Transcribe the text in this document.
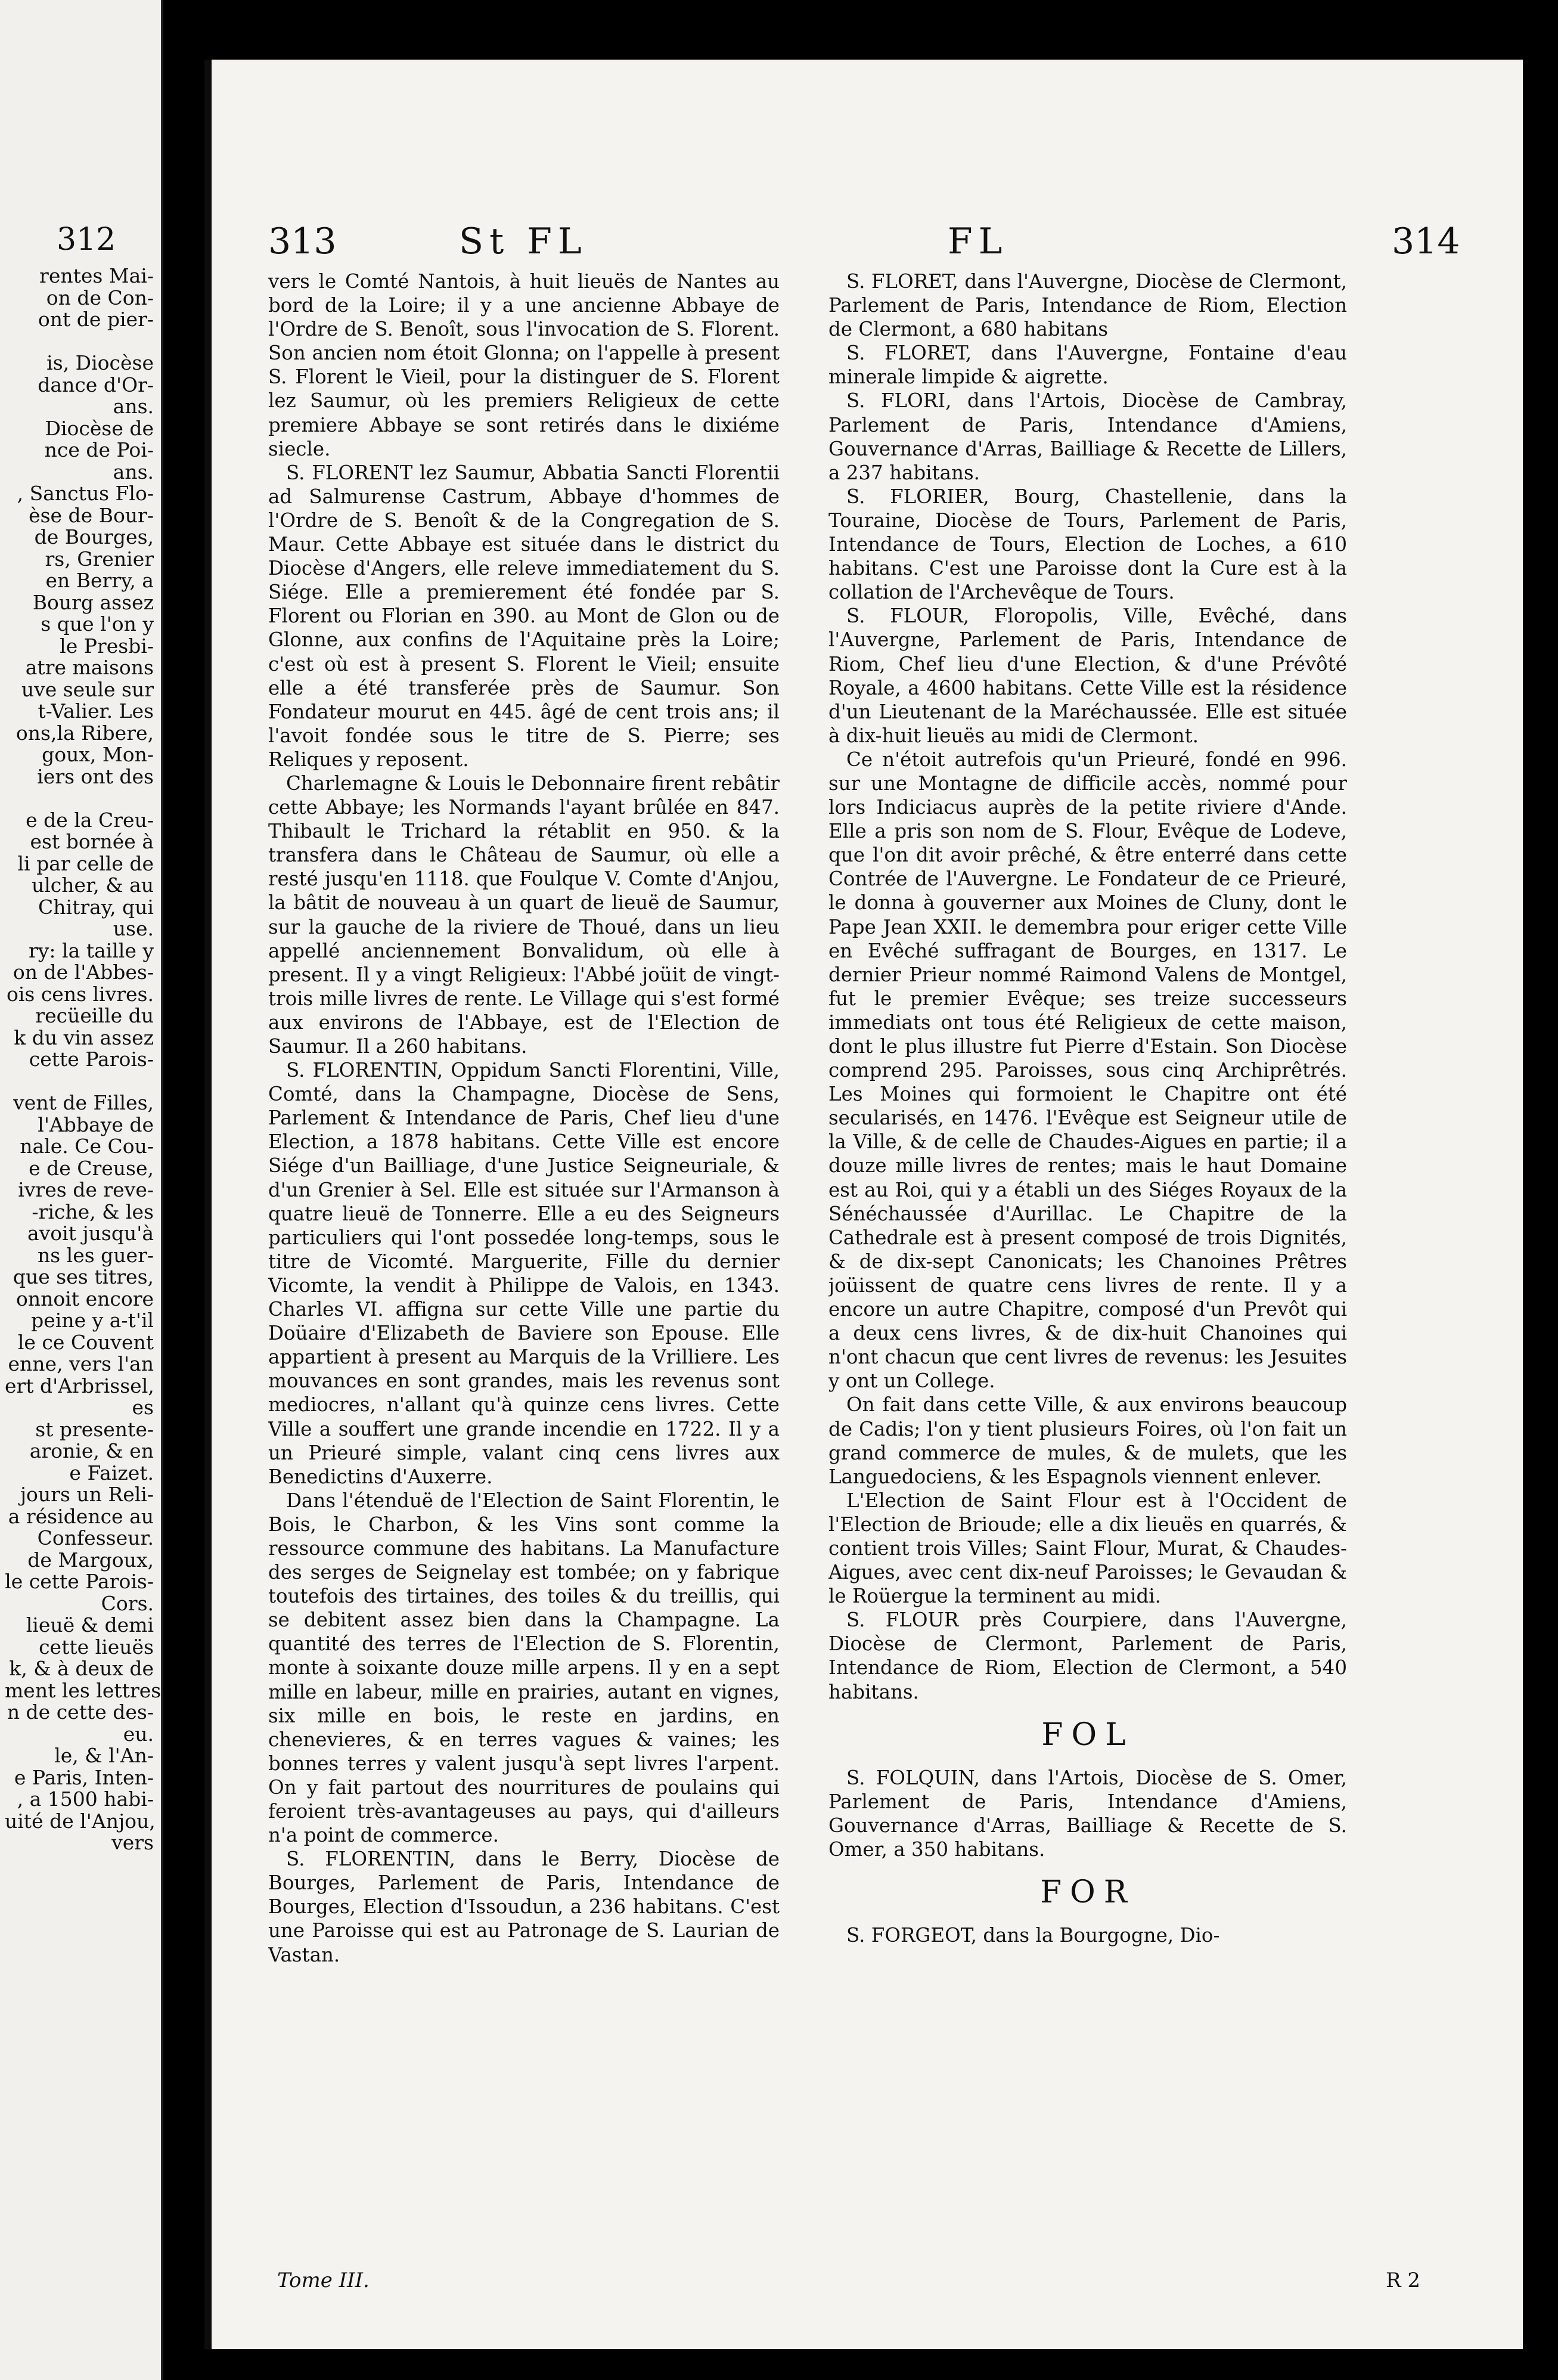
312
rentes Mai-
on de Con-
ont de pier-

is, Diocèse
dance d'Or-
ans.
Diocèse de
nce de Poi-
ans.
, Sanctus Flo-
èse de Bour-
de Bourges,
rs, Grenier
en Berry, a
Bourg assez
s que l'on y
le Presbi-
atre maisons
uve seule sur
t-Valier. Les
ons,la Ribere,
goux, Mon-
iers ont des

e de la Creu-
est bornée à
li par celle de
ulcher, & au
Chitray, qui
use.
ry: la taille y
on de l'Abbes-
ois cens livres.
recüeille du
k du vin assez
cette Parois-

vent de Filles,
l'Abbaye de
nale. Ce Cou-
e de Creuse,
ivres de reve-
-riche, & les
avoit jusqu'à
ns les guer-
que ses titres,
onnoit encore
peine y a-t'il
le ce Couvent
enne, vers l'an
ert d'Arbrissel,
es
st presente-
aronie, & en
e Faizet.
jours un Reli-
a résidence au
Confesseur.
de Margoux,
le cette Parois-
Cors.
lieuë & demi
cette lieuës
k, & à deux de
ment les lettres
n de cette des-
eu.
le, & l'An-
e Paris, Inten-
, a 1500 habi-
uité de l'Anjou,
vers
313	St FL	FL	314

vers le Comté Nantois, à huit lieuës de Nantes au bord de la Loire; il y a une ancienne Abbaye de l'Ordre de S. Benoît, sous l'invocation de S. Florent. Son ancien nom étoit Glonna; on l'appelle à present S. Florent le Vieil, pour la distinguer de S. Florent lez Saumur, où les premiers Religieux de cette premiere Abbaye se sont retirés dans le dixiéme siecle.

S. FLORENT lez Saumur, Abbatia Sancti Florentii ad Salmurense Castrum, Abbaye d'hommes de l'Ordre de S. Benoît & de la Congregation de S. Maur. Cette Abbaye est située dans le district du Diocèse d'Angers, elle releve immediatement du S. Siége. Elle a premierement été fondée par S. Florent ou Florian en 390. au Mont de Glon ou de Glonne, aux confins de l'Aquitaine près la Loire; c'est où est à present S. Florent le Vieil; ensuite elle a été transferée près de Saumur. Son Fondateur mourut en 445. âgé de cent trois ans; il l'avoit fondée sous le titre de S. Pierre; ses Reliques y reposent.

Charlemagne & Louis le Debonnaire firent rebâtir cette Abbaye; les Normands l'ayant brûlée en 847. Thibault le Trichard la rétablit en 950. & la transfera dans le Château de Saumur, où elle a resté jusqu'en 1118. que Foulque V. Comte d'Anjou, la bâtit de nouveau à un quart de lieuë de Saumur, sur la gauche de la riviere de Thoué, dans un lieu appellé anciennement Bonvalidum, où elle à present. Il y a vingt Religieux: l'Abbé joüit de vingt-trois mille livres de rente. Le Village qui s'est formé aux environs de l'Abbaye, est de l'Election de Saumur. Il a 260 habitans.

S. FLORENTIN, Oppidum Sancti Florentini, Ville, Comté, dans la Champagne, Diocèse de Sens, Parlement & Intendance de Paris, Chef lieu d'une Election, a 1878 habitans. Cette Ville est encore Siége d'un Bailliage, d'une Justice Seigneuriale, & d'un Grenier à Sel. Elle est située sur l'Armanson à quatre lieuë de Tonnerre. Elle a eu des Seigneurs particuliers qui l'ont possedée long-temps, sous le titre de Vicomté. Marguerite, Fille du dernier Vicomte, la vendit à Philippe de Valois, en 1343. Charles VI. affigna sur cette Ville une partie du Doüaire d'Elizabeth de Baviere son Epouse. Elle appartient à present au Marquis de la Vrilliere. Les mouvances en sont grandes, mais les revenus sont mediocres, n'allant qu'à quinze cens livres. Cette Ville a souffert une grande incendie en 1722. Il y a un Prieuré simple, valant cinq cens livres aux Benedictins d'Auxerre.

Dans l'étenduë de l'Election de Saint Florentin, le Bois, le Charbon, & les Vins sont comme la ressource commune des habitans. La Manufacture des serges de Seignelay est tombée; on y fabrique toutefois des tirtaines, des toiles & du treillis, qui se debitent assez bien dans la Champagne. La quantité des terres de l'Election de S. Florentin, monte à soixante douze mille arpens. Il y en a sept mille en labeur, mille en prairies, autant en vignes, six mille en bois, le reste en jardins, en chenevieres, & en terres vagues & vaines; les bonnes terres y valent jusqu'à sept livres l'arpent. On y fait partout des nourritures de poulains qui feroient très-avantageuses au pays, qui d'ailleurs n'a point de commerce.

S. FLORENTIN, dans le Berry, Diocèse de Bourges, Parlement de Paris, Intendance de Bourges, Election d'Issoudun, a 236 habitans. C'est une Paroisse qui est au Patronage de S. Laurian de Vastan.

S. FLORET, dans l'Auvergne, Diocèse de Clermont, Parlement de Paris, Intendance de Riom, Election de Clermont, a 680 habitans

S. FLORET, dans l'Auvergne, Fontaine d'eau minerale limpide & aigrette.

S. FLORI, dans l'Artois, Diocèse de Cambray, Parlement de Paris, Intendance d'Amiens, Gouvernance d'Arras, Bailliage & Recette de Lillers, a 237 habitans.

S. FLORIER, Bourg, Chastellenie, dans la Touraine, Diocèse de Tours, Parlement de Paris, Intendance de Tours, Election de Loches, a 610 habitans. C'est une Paroisse dont la Cure est à la collation de l'Archevêque de Tours.

S. FLOUR, Floropolis, Ville, Evêché, dans l'Auvergne, Parlement de Paris, Intendance de Riom, Chef lieu d'une Election, & d'une Prévôté Royale, a 4600 habitans. Cette Ville est la résidence d'un Lieutenant de la Maréchaussée. Elle est située à dix-huit lieuës au midi de Clermont.

Ce n'étoit autrefois qu'un Prieuré, fondé en 996. sur une Montagne de difficile accès, nommé pour lors Indiciacus auprès de la petite riviere d'Ande. Elle a pris son nom de S. Flour, Evêque de Lodeve, que l'on dit avoir prêché, & être enterré dans cette Contrée de l'Auvergne. Le Fondateur de ce Prieuré, le donna à gouverner aux Moines de Cluny, dont le Pape Jean XXII. le demembra pour eriger cette Ville en Evêché suffragant de Bourges, en 1317. Le dernier Prieur nommé Raimond Valens de Montgel, fut le premier Evêque; ses treize successeurs immediats ont tous été Religieux de cette maison, dont le plus illustre fut Pierre d'Estain. Son Diocèse comprend 295. Paroisses, sous cinq Archiprêtrés. Les Moines qui formoient le Chapitre ont été secularisés, en 1476. l'Evêque est Seigneur utile de la Ville, & de celle de Chaudes-Aigues en partie; il a douze mille livres de rentes; mais le haut Domaine est au Roi, qui y a établi un des Siéges Royaux de la Sénéchaussée d'Aurillac. Le Chapitre de la Cathedrale est à present composé de trois Dignités, & de dix-sept Canonicats; les Chanoines Prêtres joüissent de quatre cens livres de rente. Il y a encore un autre Chapitre, composé d'un Prevôt qui a deux cens livres, & de dix-huit Chanoines qui n'ont chacun que cent livres de revenus: les Jesuites y ont un College.

On fait dans cette Ville, & aux environs beaucoup de Cadis; l'on y tient plusieurs Foires, où l'on fait un grand commerce de mules, & de mulets, que les Languedociens, & les Espagnols viennent enlever.

L'Election de Saint Flour est à l'Occident de l'Election de Brioude; elle a dix lieuës en quarrés, & contient trois Villes; Saint Flour, Murat, & Chaudes-Aigues, avec cent dix-neuf Paroisses; le Gevaudan & le Roüergue la terminent au midi.

S. FLOUR près Courpiere, dans l'Auvergne, Diocèse de Clermont, Parlement de Paris, Intendance de Riom, Election de Clermont, a 540 habitans.

FOL

S. FOLQUIN, dans l'Artois, Diocèse de S. Omer, Parlement de Paris, Intendance d'Amiens, Gouvernance d'Arras, Bailliage & Recette de S. Omer, a 350 habitans.

FOR

S. FORGEOT, dans la Bourgogne, Dio-

Tome III.	R 2
